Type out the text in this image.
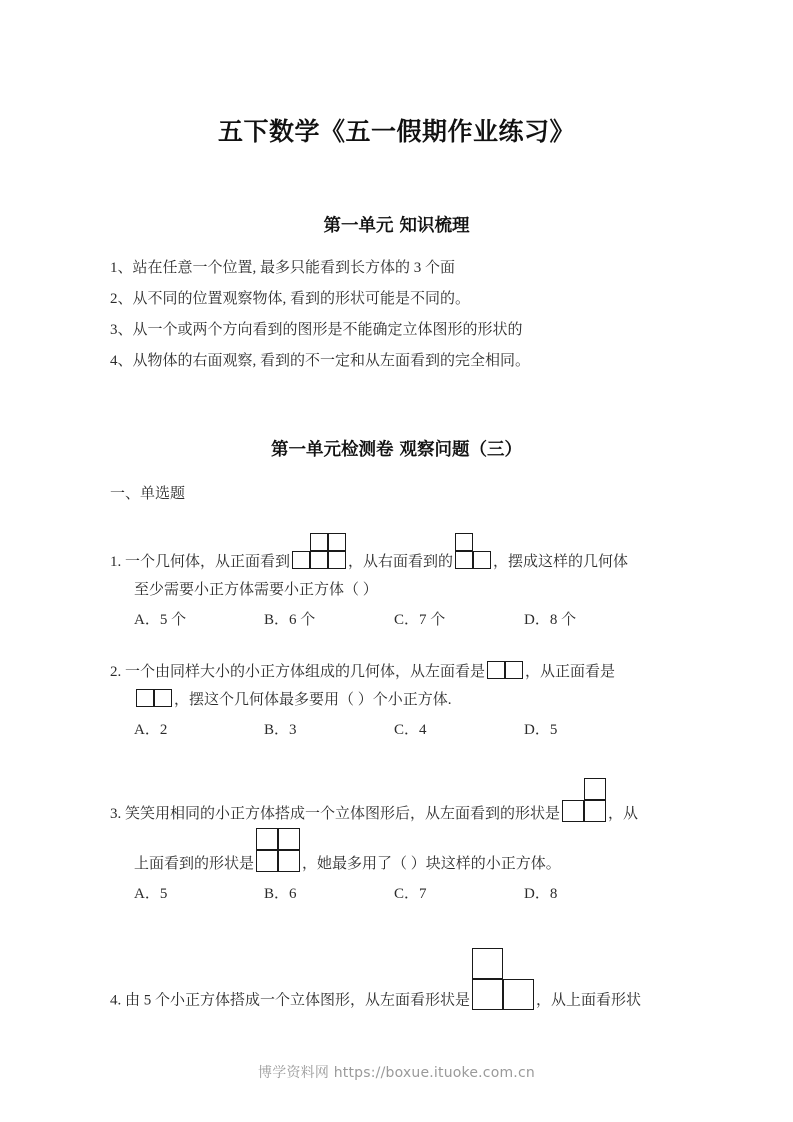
五下数学《五一假期作业练习》
第一单元 知识梳理
1、站在任意一个位置, 最多只能看到长方体的 3 个面
2、从不同的位置观察物体, 看到的形状可能是不同的。
3、从一个或两个方向看到的图形是不能确定立体图形的形状的
4、从物体的右面观察, 看到的不一定和从左面看到的完全相同。
第一单元检测卷 观察问题（三）
一、单选题
1. 一个几何体，从正面看到	，从右面看到的	，摆成这样的几何体
至少需要小正方体需要小正方体（ ）
A．5 个	B．6 个	C．7 个	D．8 个
2. 一个由同样大小的小正方体组成的几何体，从左面看是	，从正面看是
，摆这个几何体最多要用（ ）个小正方体.
A．2	B．3	C．4	D．5
3. 笑笑用相同的小正方体搭成一个立体图形后，从左面看到的形状是	，从
上面看到的形状是	，她最多用了（ ）块这样的小正方体。
A．5	B．6	C．7	D．8
4. 由 5 个小正方体搭成一个立体图形，从左面看形状是	，从上面看形状
博学资料网 https://boxue.ituoke.com.cn
